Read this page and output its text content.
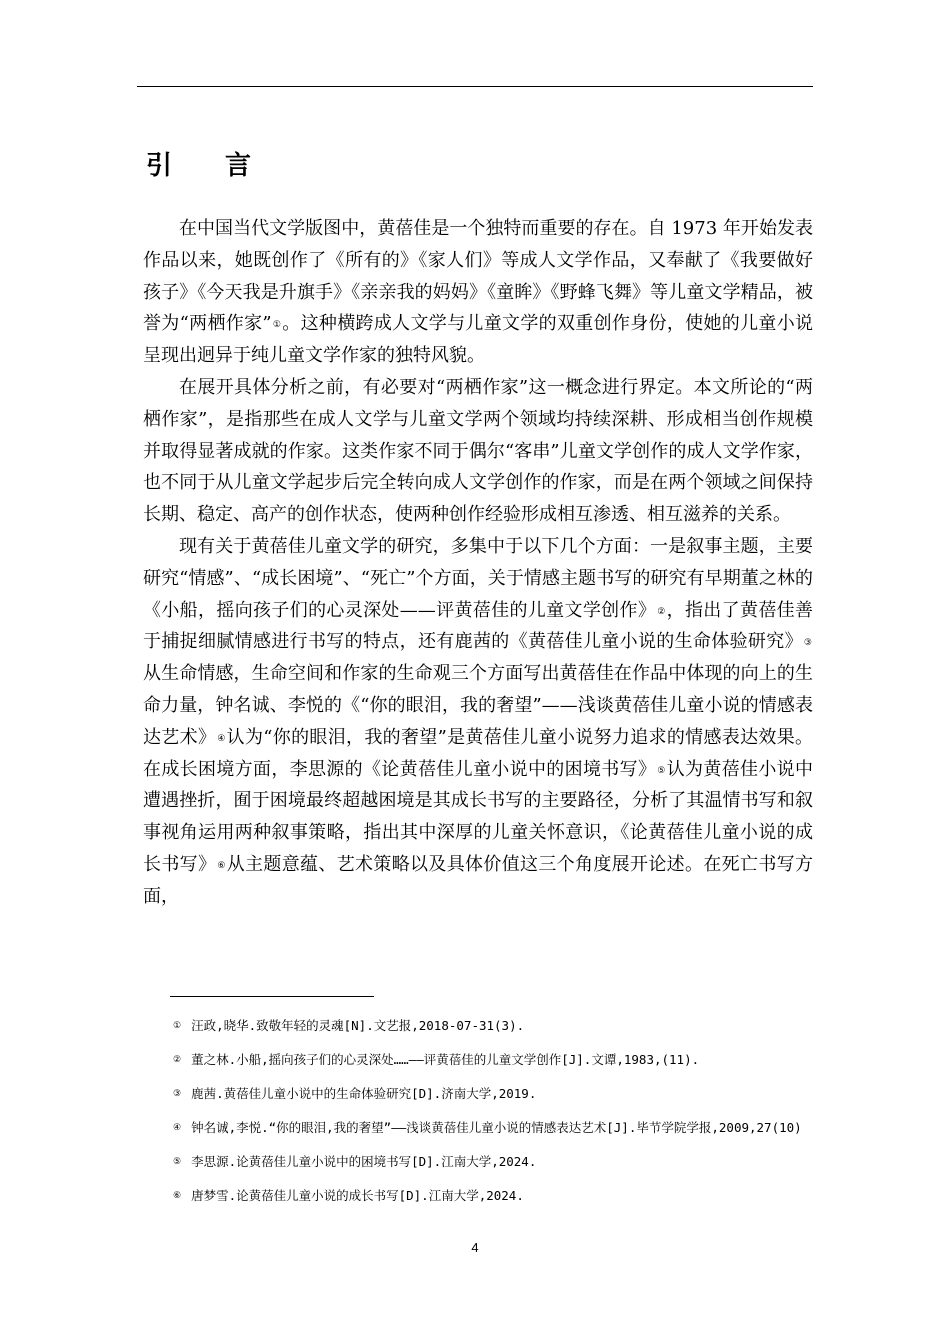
引 言

在中国当代文学版图中，黄蓓佳是一个独特而重要的存在。自 1973 年开始发表作品以来，她既创作了《所有的》《家人们》等成人文学作品，又奉献了《我要做好孩子》《今天我是升旗手》《亲亲我的妈妈》《童眸》《野蜂飞舞》等儿童文学精品，被誉为“两栖作家”①。这种横跨成人文学与儿童文学的双重创作身份，使她的儿童小说呈现出迥异于纯儿童文学作家的独特风貌。

在展开具体分析之前，有必要对“两栖作家”这一概念进行界定。本文所论的“两栖作家”，是指那些在成人文学与儿童文学两个领域均持续深耕、形成相当创作规模并取得显著成就的作家。这类作家不同于偶尔“客串”儿童文学创作的成人文学作家，也不同于从儿童文学起步后完全转向成人文学创作的作家，而是在两个领域之间保持长期、稳定、高产的创作状态，使两种创作经验形成相互渗透、相互滋养的关系。

现有关于黄蓓佳儿童文学的研究，多集中于以下几个方面：一是叙事主题，主要研究“情感”、“成长困境”、“死亡”个方面，关于情感主题书写的研究有早期董之林的《小船，摇向孩子们的心灵深处——评黄蓓佳的儿童文学创作》②，指出了黄蓓佳善于捕捉细腻情感进行书写的特点，还有鹿茜的《黄蓓佳儿童小说的生命体验研究》③从生命情感，生命空间和作家的生命观三个方面写出黄蓓佳在作品中体现的向上的生命力量，钟名诚、李悦的《“你的眼泪，我的奢望”——浅谈黄蓓佳儿童小说的情感表达艺术》④认为“你的眼泪，我的奢望”是黄蓓佳儿童小说努力追求的情感表达效果。在成长困境方面，李思源的《论黄蓓佳儿童小说中的困境书写》⑤认为黄蓓佳小说中遭遇挫折，囿于困境最终超越困境是其成长书写的主要路径，分析了其温情书写和叙事视角运用两种叙事策略，指出其中深厚的儿童关怀意识，《论黄蓓佳儿童小说的成长书写》⑥从主题意蕴、艺术策略以及具体价值这三个角度展开论述。在死亡书写方面，

① 汪政,晓华.致敬年轻的灵魂[N].文艺报,2018-07-31(3).
② 董之林.小船,摇向孩子们的心灵深处……——评黄蓓佳的儿童文学创作[J].文谭,1983,(11).
③ 鹿茜.黄蓓佳儿童小说中的生命体验研究[D].济南大学,2019.
④ 钟名诚,李悦.“你的眼泪,我的奢望”——浅谈黄蓓佳儿童小说的情感表达艺术[J].毕节学院学报,2009,27(10)
⑤ 李思源.论黄蓓佳儿童小说中的困境书写[D].江南大学,2024.
⑥ 唐梦雪.论黄蓓佳儿童小说的成长书写[D].江南大学,2024.
4
